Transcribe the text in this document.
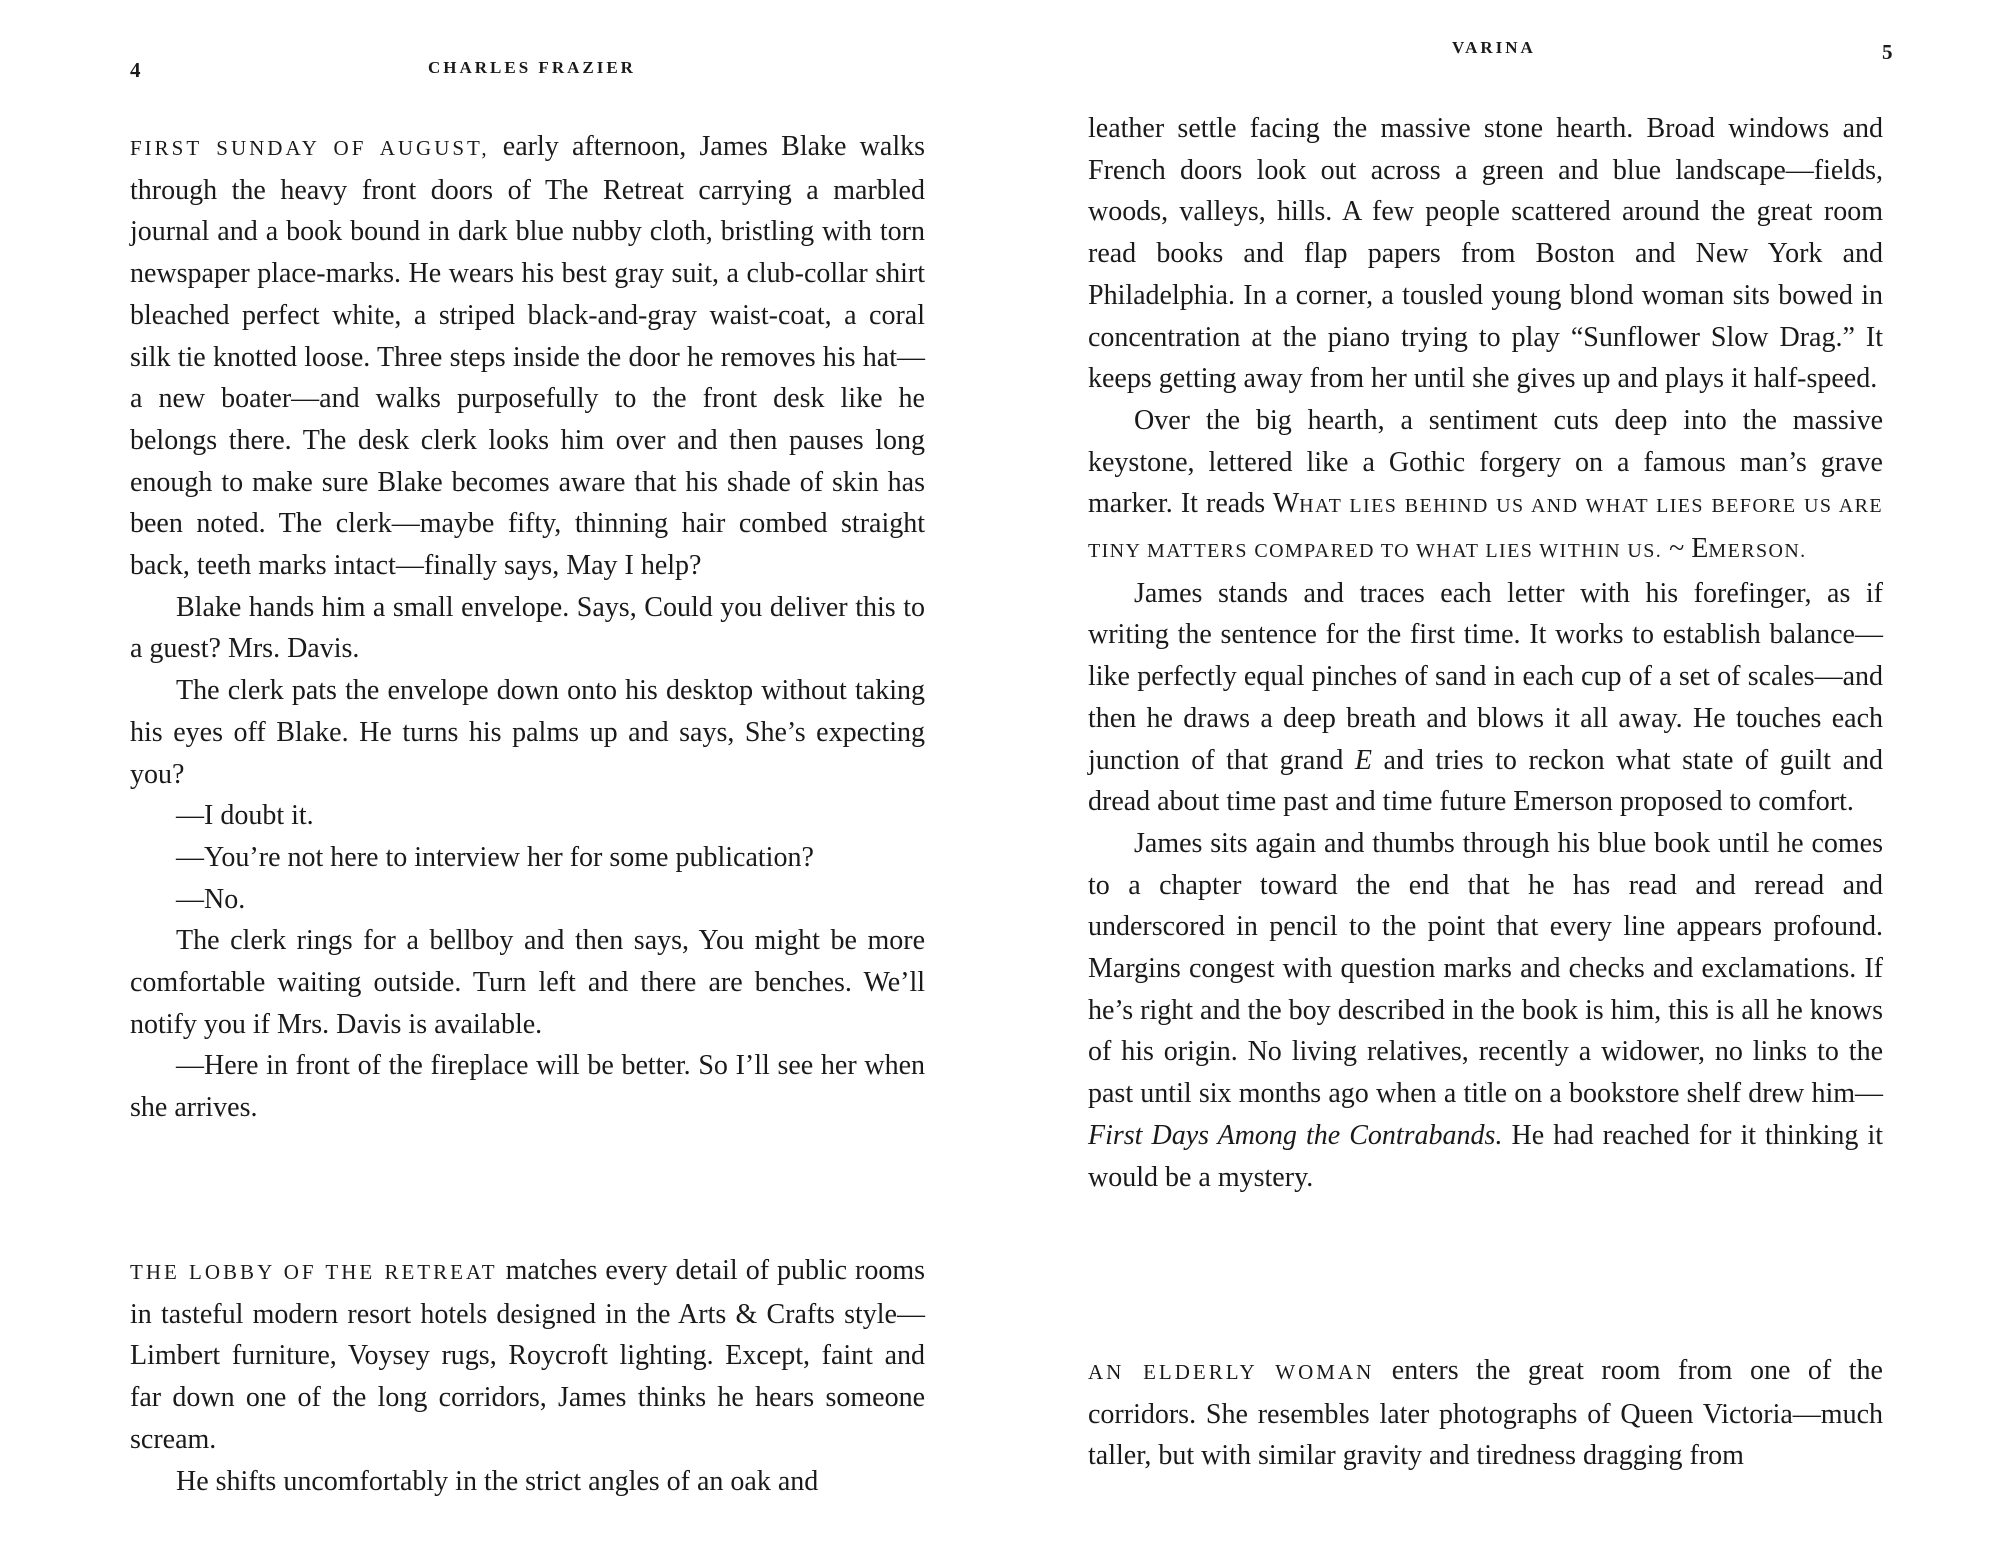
4	CHARLES FRAZIER

FIRST SUNDAY OF AUGUST, early afternoon, James Blake walks through the heavy front doors of The Retreat carrying a marbled journal and a book bound in dark blue nubby cloth, bristling with torn newspaper place-marks. He wears his best gray suit, a club-collar shirt bleached perfect white, a striped black-and-gray waist-coat, a coral silk tie knotted loose. Three steps inside the door he removes his hat—a new boater—and walks purposefully to the front desk like he belongs there. The desk clerk looks him over and then pauses long enough to make sure Blake becomes aware that his shade of skin has been noted. The clerk—maybe fifty, thinning hair combed straight back, teeth marks intact—finally says, May I help?

Blake hands him a small envelope. Says, Could you deliver this to a guest? Mrs. Davis.

The clerk pats the envelope down onto his desktop without taking his eyes off Blake. He turns his palms up and says, She’s expecting you?

—I doubt it.

—You’re not here to interview her for some publication?

—No.

The clerk rings for a bellboy and then says, You might be more comfortable waiting outside. Turn left and there are benches. We’ll notify you if Mrs. Davis is available.

—Here in front of the fireplace will be better. So I’ll see her when she arrives.

THE LOBBY OF THE RETREAT matches every detail of public rooms in tasteful modern resort hotels designed in the Arts & Crafts style—Limbert furniture, Voysey rugs, Roycroft lighting. Except, faint and far down one of the long corridors, James thinks he hears someone scream.

He shifts uncomfortably in the strict angles of an oak and

VARINA	5

leather settle facing the massive stone hearth. Broad windows and French doors look out across a green and blue landscape—fields, woods, valleys, hills. A few people scattered around the great room read books and flap papers from Boston and New York and Philadelphia. In a corner, a tousled young blond woman sits bowed in concentration at the piano trying to play “Sunflower Slow Drag.” It keeps getting away from her until she gives up and plays it half-speed.

Over the big hearth, a sentiment cuts deep into the massive keystone, lettered like a Gothic forgery on a famous man’s grave marker. It reads WHAT LIES BEHIND US AND WHAT LIES BEFORE US ARE TINY MATTERS COMPARED TO WHAT LIES WITHIN US. ~ EMERSON.

James stands and traces each letter with his forefinger, as if writing the sentence for the first time. It works to establish balance—like perfectly equal pinches of sand in each cup of a set of scales—and then he draws a deep breath and blows it all away. He touches each junction of that grand E and tries to reckon what state of guilt and dread about time past and time future Emerson proposed to comfort.

James sits again and thumbs through his blue book until he comes to a chapter toward the end that he has read and reread and underscored in pencil to the point that every line appears profound. Margins congest with question marks and checks and exclamations. If he’s right and the boy described in the book is him, this is all he knows of his origin. No living relatives, recently a widower, no links to the past until six months ago when a title on a bookstore shelf drew him—First Days Among the Contrabands. He had reached for it thinking it would be a mystery.

AN ELDERLY WOMAN enters the great room from one of the corridors. She resembles later photographs of Queen Victoria—much taller, but with similar gravity and tiredness dragging from
